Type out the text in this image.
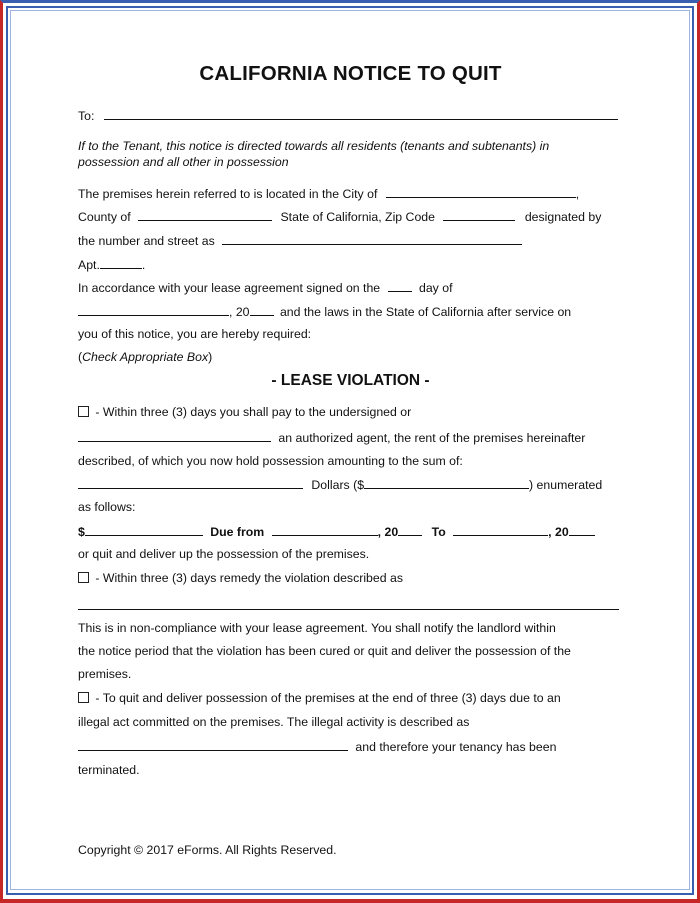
CALIFORNIA NOTICE TO QUIT
To:
If to the Tenant, this notice is directed towards all residents (tenants and subtenants) in
possession and all other in possession
The premises herein referred to is located in the City of	,
County of	State of California, Zip Code	designated by
the number and street as
Apt.	.
In accordance with your lease agreement signed on the	day of
, 20 and the laws in the State of California after service on
you of this notice, you are hereby required:
(Check Appropriate Box)
- LEASE VIOLATION -
- Within three (3) days you shall pay to the undersigned or
an authorized agent, the rent of the premises hereinafter
described, of which you now hold possession amounting to the sum of:
Dollars ($	) enumerated
as follows:
$	Due from	, 20	To	, 20
or quit and deliver up the possession of the premises.
- Within three (3) days remedy the violation described as
This is in non-compliance with your lease agreement. You shall notify the landlord within
the notice period that the violation has been cured or quit and deliver the possession of the
premises.
- To quit and deliver possession of the premises at the end of three (3) days due to an
illegal act committed on the premises. The illegal activity is described as
and therefore your tenancy has been
terminated.
Copyright © 2017 eForms. All Rights Reserved.
